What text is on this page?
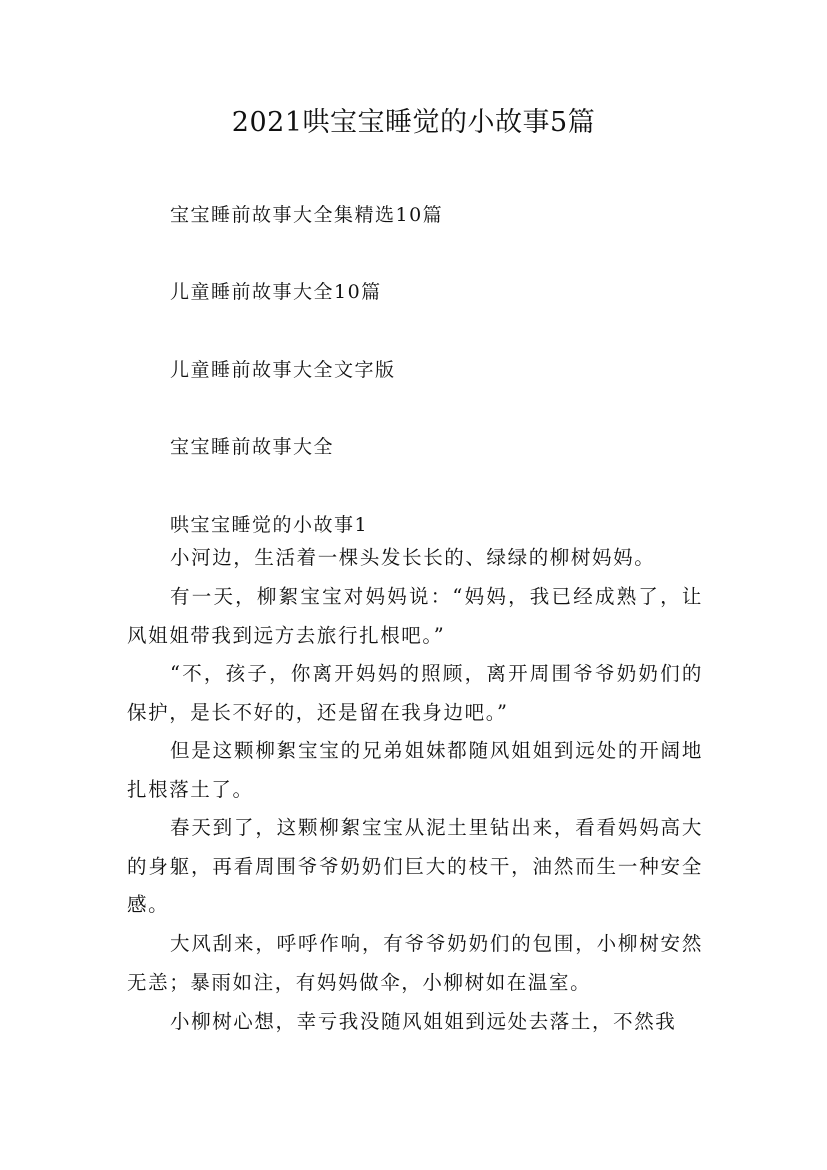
2021哄宝宝睡觉的小故事5篇

宝宝睡前故事大全集精选10篇

儿童睡前故事大全10篇

儿童睡前故事大全文字版

宝宝睡前故事大全

哄宝宝睡觉的小故事1

小河边，生活着一棵头发长长的、绿绿的柳树妈妈。

有一天，柳絮宝宝对妈妈说：“妈妈，我已经成熟了，让风姐姐带我到远方去旅行扎根吧。”

“不，孩子，你离开妈妈的照顾，离开周围爷爷奶奶们的保护，是长不好的，还是留在我身边吧。”

但是这颗柳絮宝宝的兄弟姐妹都随风姐姐到远处的开阔地扎根落土了。

春天到了，这颗柳絮宝宝从泥土里钻出来，看看妈妈高大的身躯，再看周围爷爷奶奶们巨大的枝干，油然而生一种安全感。

大风刮来，呼呼作响，有爷爷奶奶们的包围，小柳树安然无恙；暴雨如注，有妈妈做伞，小柳树如在温室。

小柳树心想，幸亏我没随风姐姐到远处去落土，不然我
